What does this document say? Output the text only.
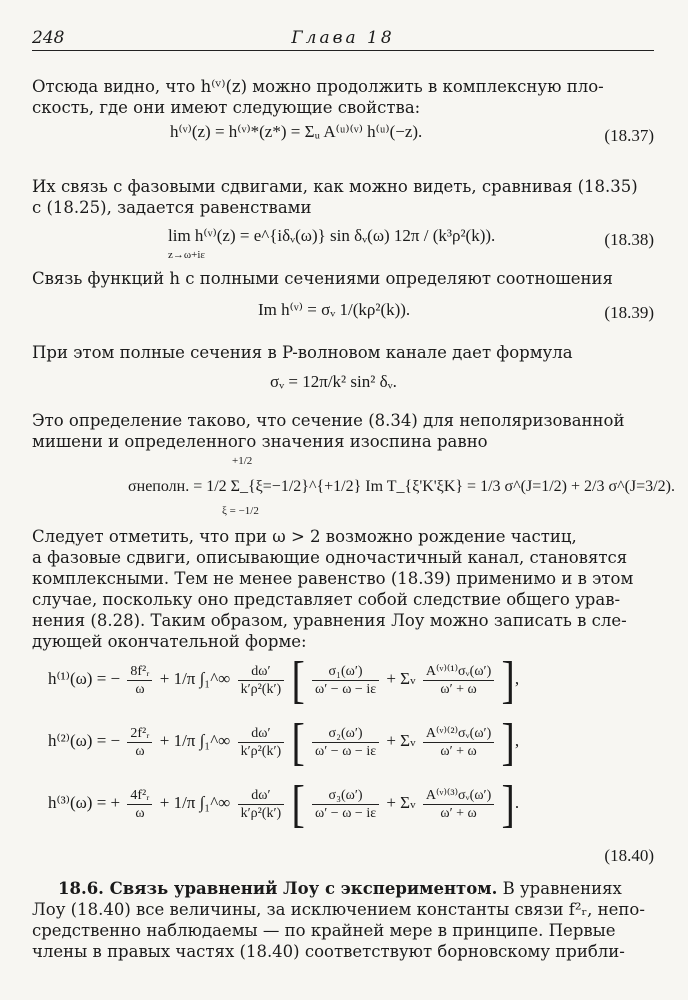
248	Глава 18
Отсюда видно, что h⁽ᵛ⁾(z) можно продолжить в комплексную пло-
скость, где они имеют следующие свойства:
h⁽ᵛ⁾(z) = h⁽ᵛ⁾*(z*) = Σᵤ A⁽ᵘ⁾⁽ᵛ⁾ h⁽ᵘ⁾(−z).	(18.37)
Их связь с фазовыми сдвигами, как можно видеть, сравнивая (18.35)
с (18.25), задается равенствами
lim h⁽ᵛ⁾(z) = e^{iδᵥ(ω)} sin δᵥ(ω) 12π / (k³ρ²(k)).
z→ω+iε
(18.38)
Связь функций h с полными сечениями определяют соотношения
Im h⁽ᵛ⁾ = σᵥ 1/(kρ²(k)).	(18.39)
При этом полные сечения в P-волновом канале дает формула
σᵥ = 12π/k² sin² δᵥ.
Это определение таково, что сечение (8.34) для неполяризованной
мишени и определенного значения изоспина равно
σнеполн. = 1/2 Σ_{ξ=−1/2}^{+1/2} Im T_{ξ'K'ξK} = 1/3 σ^(J=1/2) + 2/3 σ^(J=3/2).
+1/2
ξ = −1/2
Следует отметить, что при ω > 2 возможно рождение частиц,
а фазовые сдвиги, описывающие одночастичный канал, становятся
комплексными. Тем не менее равенство (18.39) применимо и в этом
случае, поскольку оно представляет собой следствие общего урав-
нения (8.28). Таким образом, уравнения Лоу можно записать в сле-
дующей окончательной форме:
h⁽¹⁾(ω) = − $\frac{\text{8f²ᵣ}}{\omega} + 1/\pi$ ∫₁^∞ $\frac{d\omega'}{\text{k′ρ²(k′)}}$ [ $\frac{\text{σ₁(ω′)}}{\omega' - \omega - i\varepsilon} + \Sigma v \frac{\text{A⁽ᵛ⁾⁽¹⁾σᵥ(ω′)}}{\omega' + \omega}$ ],
h⁽²⁾(ω) = − $\frac{\text{2f²ᵣ}}{\omega} + 1/\pi$ ∫₁^∞ $\frac{d\omega'}{\text{k′ρ²(k′)}}$ [ $\frac{\text{σ₂(ω′)}}{\omega' - \omega - i\varepsilon} + \Sigma v \frac{\text{A⁽ᵛ⁾⁽²⁾σᵥ(ω′)}}{\omega' + \omega}$ ],
h⁽³⁾(ω) = + $\frac{\text{4f²ᵣ}}{\omega} + 1/\pi$ ∫₁^∞ $\frac{d\omega'}{\text{k′ρ²(k′)}}$ [ $\frac{\text{σ₃(ω′)}}{\omega' - \omega - i\varepsilon} + \Sigma v \frac{\text{A⁽ᵛ⁾⁽³⁾σᵥ(ω′)}}{\omega' + \omega}$ ].
(18.40)
18.6. Связь уравнений Лоу с экспериментом. В уравнениях
Лоу (18.40) все величины, за исключением константы связи f²ᵣ, непо-
средственно наблюдаемы — по крайней мере в принципе. Первые
члены в правых частях (18.40) соответствуют борновскому прибли-
